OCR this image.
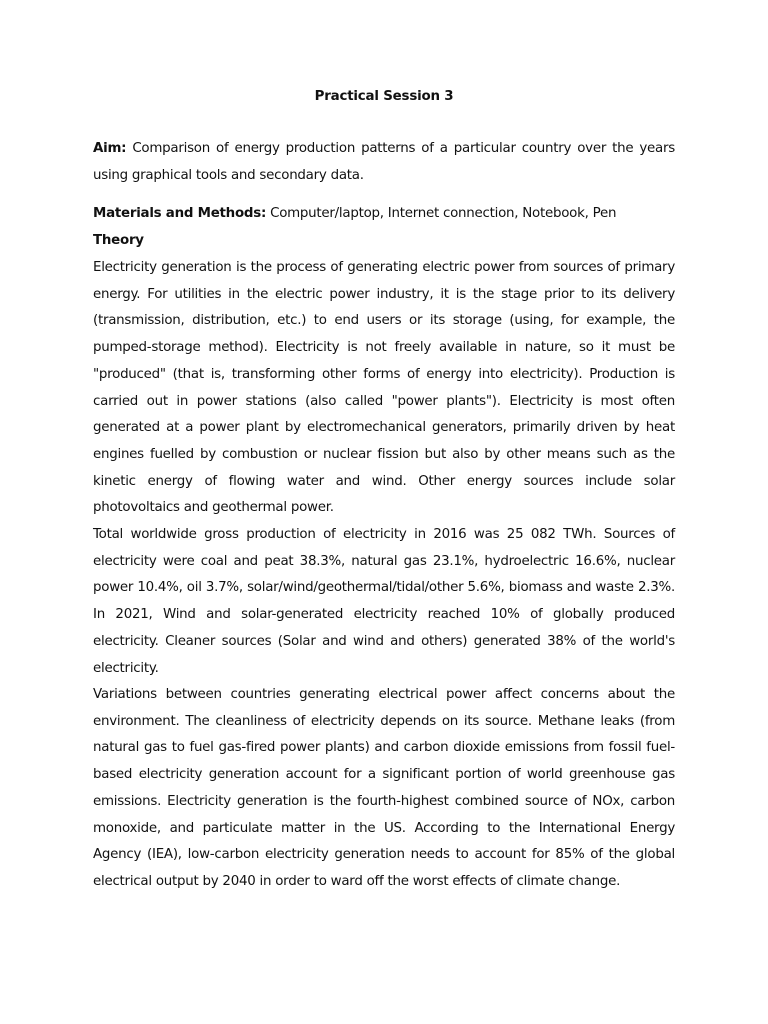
Practical Session 3

Aim: Comparison of energy production patterns of a particular country over the years using graphical tools and secondary data.

Materials and Methods: Computer/laptop, Internet connection, Notebook, Pen

Theory

Electricity generation is the process of generating electric power from sources of primary energy. For utilities in the electric power industry, it is the stage prior to its delivery (transmission, distribution, etc.) to end users or its storage (using, for example, the pumped-storage method). Electricity is not freely available in nature, so it must be "produced" (that is, transforming other forms of energy into electricity). Production is carried out in power stations (also called "power plants"). Electricity is most often generated at a power plant by electromechanical generators, primarily driven by heat engines fuelled by combustion or nuclear fission but also by other means such as the kinetic energy of flowing water and wind. Other energy sources include solar photovoltaics and geothermal power.

Total worldwide gross production of electricity in 2016 was 25 082 TWh. Sources of electricity were coal and peat 38.3%, natural gas 23.1%, hydroelectric 16.6%, nuclear power 10.4%, oil 3.7%, solar/wind/geothermal/tidal/other 5.6%, biomass and waste 2.3%. In 2021, Wind and solar-generated electricity reached 10% of globally produced electricity. Cleaner sources (Solar and wind and others) generated 38% of the world's electricity.

Variations between countries generating electrical power affect concerns about the environment. The cleanliness of electricity depends on its source. Methane leaks (from natural gas to fuel gas-fired power plants) and carbon dioxide emissions from fossil fuel-based electricity generation account for a significant portion of world greenhouse gas emissions. Electricity generation is the fourth-highest combined source of NOx, carbon monoxide, and particulate matter in the US. According to the International Energy Agency (IEA), low-carbon electricity generation needs to account for 85% of the global electrical output by 2040 in order to ward off the worst effects of climate change.
